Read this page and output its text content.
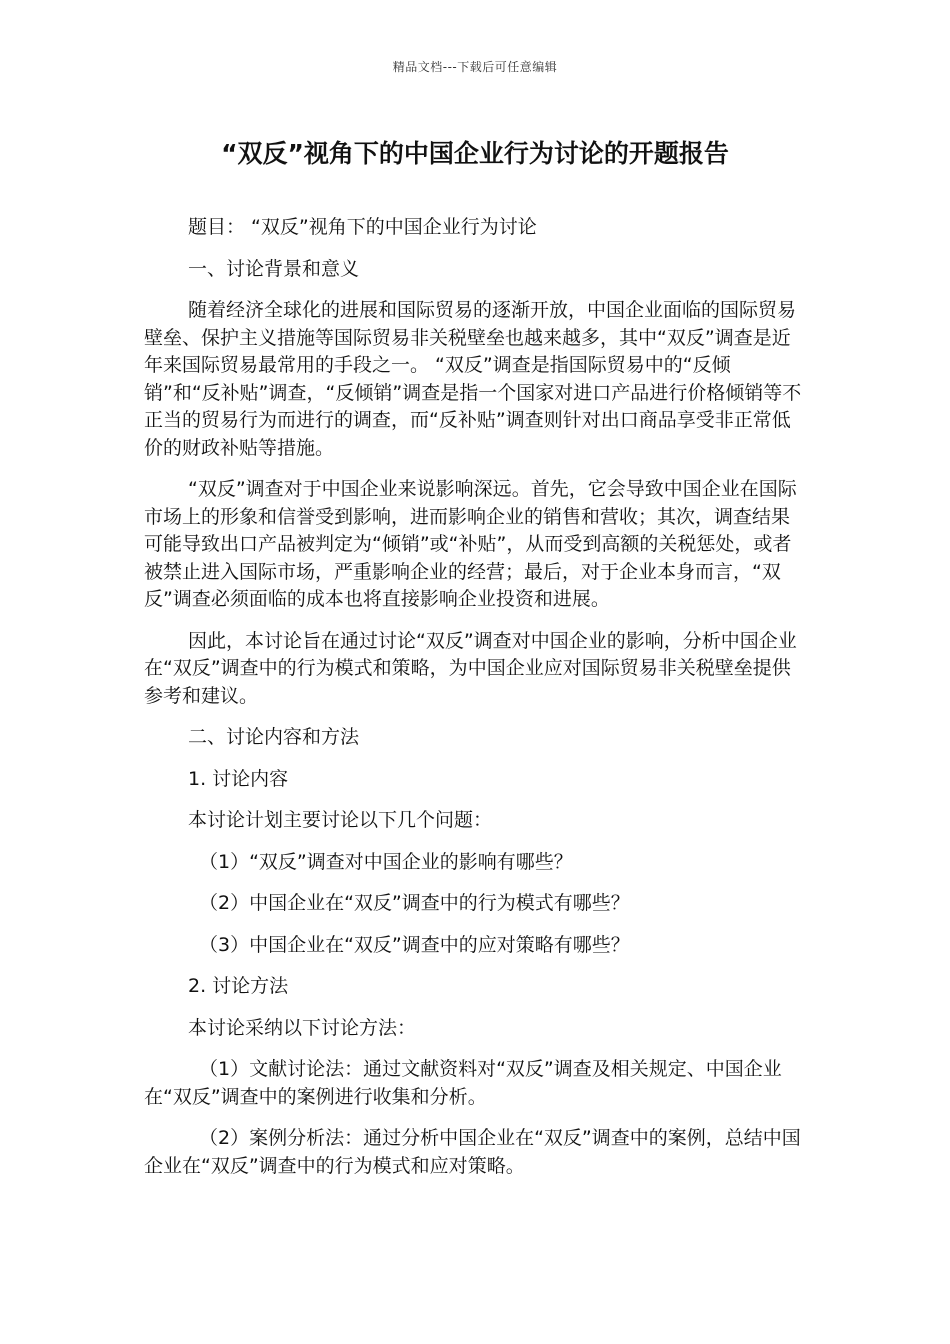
精品文档---下载后可任意编辑
“双反”视角下的中国企业行为讨论的开题报告
题目： “双反”视角下的中国企业行为讨论
一、讨论背景和意义

随着经济全球化的进展和国际贸易的逐渐开放，中国企业面临的国际贸易壁垒、保护主义措施等国际贸易非关税壁垒也越来越多，其中“双反”调查是近年来国际贸易最常用的手段之一。 “双反”调查是指国际贸易中的“反倾销”和“反补贴”调查，“反倾销”调查是指一个国家对进口产品进行价格倾销等不正当的贸易行为而进行的调查，而“反补贴”调查则针对出口商品享受非正常低价的财政补贴等措施。

“双反”调查对于中国企业来说影响深远。首先，它会导致中国企业在国际市场上的形象和信誉受到影响，进而影响企业的销售和营收；其次，调查结果可能导致出口产品被判定为“倾销”或“补贴”，从而受到高额的关税惩处，或者被禁止进入国际市场，严重影响企业的经营；最后，对于企业本身而言，“双反”调查必须面临的成本也将直接影响企业投资和进展。

因此，本讨论旨在通过讨论“双反”调查对中国企业的影响，分析中国企业在“双反”调查中的行为模式和策略，为中国企业应对国际贸易非关税壁垒提供参考和建议。

二、讨论内容和方法
1. 讨论内容
本讨论计划主要讨论以下几个问题：
（1）“双反”调查对中国企业的影响有哪些？
（2）中国企业在“双反”调查中的行为模式有哪些？
（3）中国企业在“双反”调查中的应对策略有哪些？
2. 讨论方法
本讨论采纳以下讨论方法：

（1）文献讨论法：通过文献资料对“双反”调查及相关规定、中国企业在“双反”调查中的案例进行收集和分析。

（2）案例分析法：通过分析中国企业在“双反”调查中的案例，总结中国企业在“双反”调查中的行为模式和应对策略。
